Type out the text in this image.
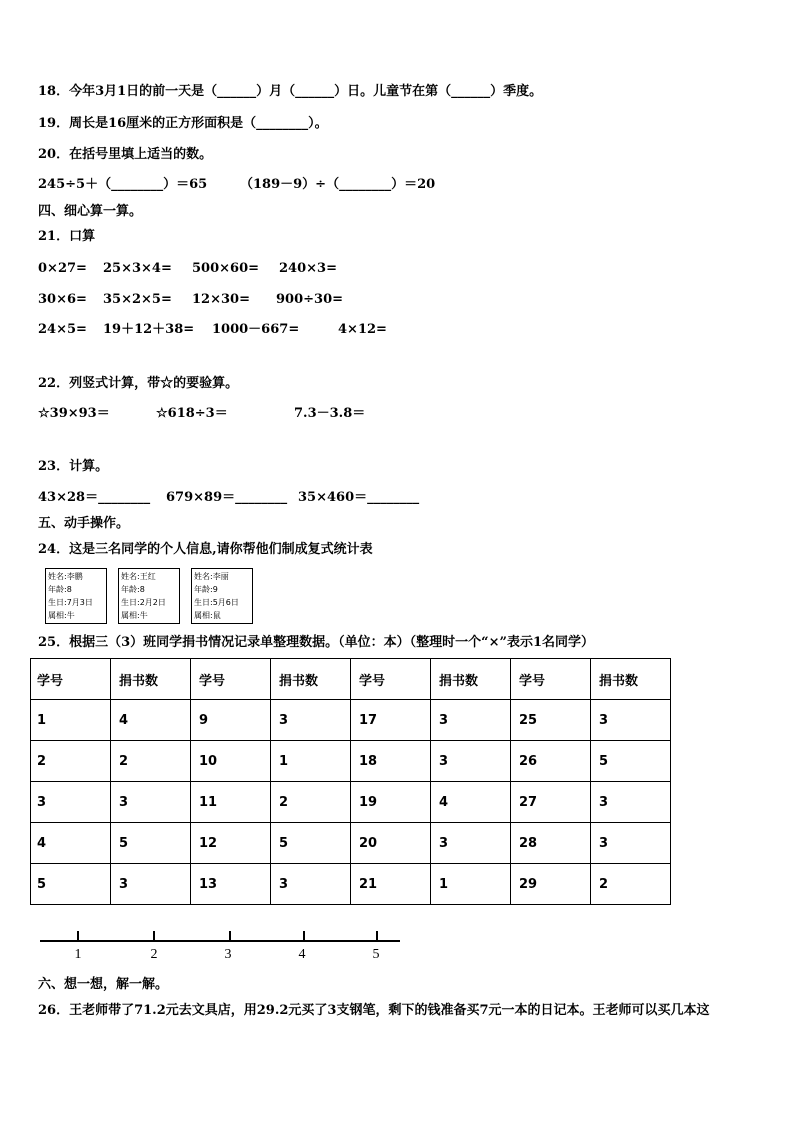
18．今年3月1日的前一天是（______）月（______）日。儿童节在第（______）季度。
19．周长是16厘米的正方形面积是（________）。
20．在括号里填上适当的数。
245÷5＋（________）＝65	（189－9）÷（________）＝20
四、细心算一算。
21．口算
0×27= 25×3×4= 500×60= 240×3=
30×6= 35×2×5= 12×30= 900÷30=
24×5= 19＋12＋38= 1000－667=	4×12=
22．列竖式计算，带☆的要验算。
☆39×93＝	☆618÷3＝	7.3－3.8＝
23．计算。
43×28＝________ 679×89＝________ 35×460＝________
五、动手操作。
24．这是三名同学的个人信息,请你帮他们制成复式统计表
姓名:李鹏
年龄:8
生日:7月3日
属相:牛
姓名:王红
年龄:8
生日:2月2日
属相:牛
姓名:李丽
年龄:9
生日:5月6日
属相:鼠
25．根据三（3）班同学捐书情况记录单整理数据。（单位：本）（整理时一个“×”表示1名同学）
学号	捐书数	学号	捐书数	学号	捐书数	学号	捐书数
1	4	9	3	17	3	25	3
2	2	10	1	18	3	26	5
3	3	11	2	19	4	27	3
4	5	12	5	20	3	28	3
5	3	13	3	21	1	29	2
1	2	3	4	5
六、想一想，解一解。
26．王老师带了71.2元去文具店，用29.2元买了3支钢笔，剩下的钱准备买7元一本的日记本。王老师可以买几本这
